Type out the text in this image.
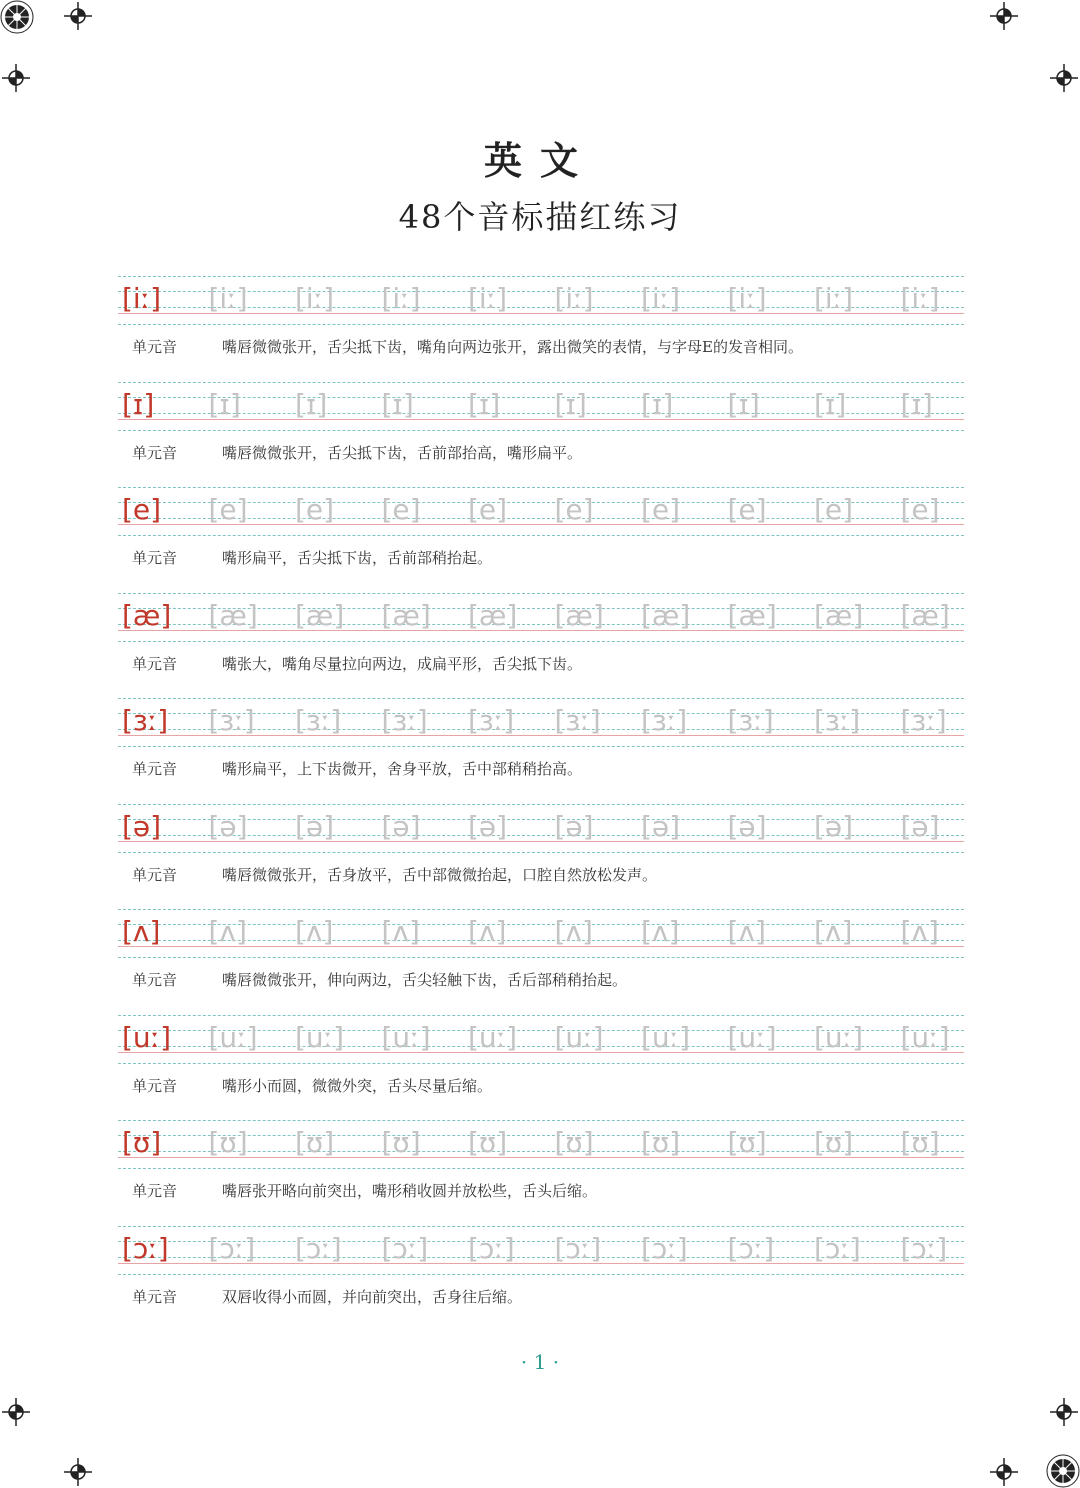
英文
48个音标描红练习
[iː]	[iː]	[iː]	[iː]	[iː]	[iː]	[iː]	[iː]	[iː]	[iː]
单元音	嘴唇微微张开，舌尖抵下齿，嘴角向两边张开，露出微笑的表情，与字母E的发音相同。
[ɪ]	[ɪ]	[ɪ]	[ɪ]	[ɪ]	[ɪ]	[ɪ]	[ɪ]	[ɪ]	[ɪ]
单元音	嘴唇微微张开，舌尖抵下齿，舌前部抬高，嘴形扁平。
[e]	[e]	[e]	[e]	[e]	[e]	[e]	[e]	[e]	[e]
单元音	嘴形扁平，舌尖抵下齿，舌前部稍抬起。
[æ]	[æ]	[æ]	[æ]	[æ]	[æ]	[æ]	[æ]	[æ]	[æ]
单元音	嘴张大，嘴角尽量拉向两边，成扁平形，舌尖抵下齿。
[ɜː]	[ɜː]	[ɜː]	[ɜː]	[ɜː]	[ɜː]	[ɜː]	[ɜː]	[ɜː]	[ɜː]
单元音	嘴形扁平，上下齿微开，舍身平放，舌中部稍稍抬高。
[ə]	[ə]	[ə]	[ə]	[ə]	[ə]	[ə]	[ə]	[ə]	[ə]
单元音	嘴唇微微张开，舌身放平，舌中部微微抬起，口腔自然放松发声。
[ʌ]	[ʌ]	[ʌ]	[ʌ]	[ʌ]	[ʌ]	[ʌ]	[ʌ]	[ʌ]	[ʌ]
单元音	嘴唇微微张开，伸向两边，舌尖轻触下齿，舌后部稍稍抬起。
[uː]	[uː]	[uː]	[uː]	[uː]	[uː]	[uː]	[uː]	[uː]	[uː]
单元音	嘴形小而圆，微微外突，舌头尽量后缩。
[ʊ]	[ʊ]	[ʊ]	[ʊ]	[ʊ]	[ʊ]	[ʊ]	[ʊ]	[ʊ]	[ʊ]
单元音	嘴唇张开略向前突出，嘴形稍收圆并放松些，舌头后缩。
[ɔː]	[ɔː]	[ɔː]	[ɔː]	[ɔː]	[ɔː]	[ɔː]	[ɔː]	[ɔː]	[ɔː]
单元音	双唇收得小而圆，并向前突出，舌身往后缩。
· 1 ·
